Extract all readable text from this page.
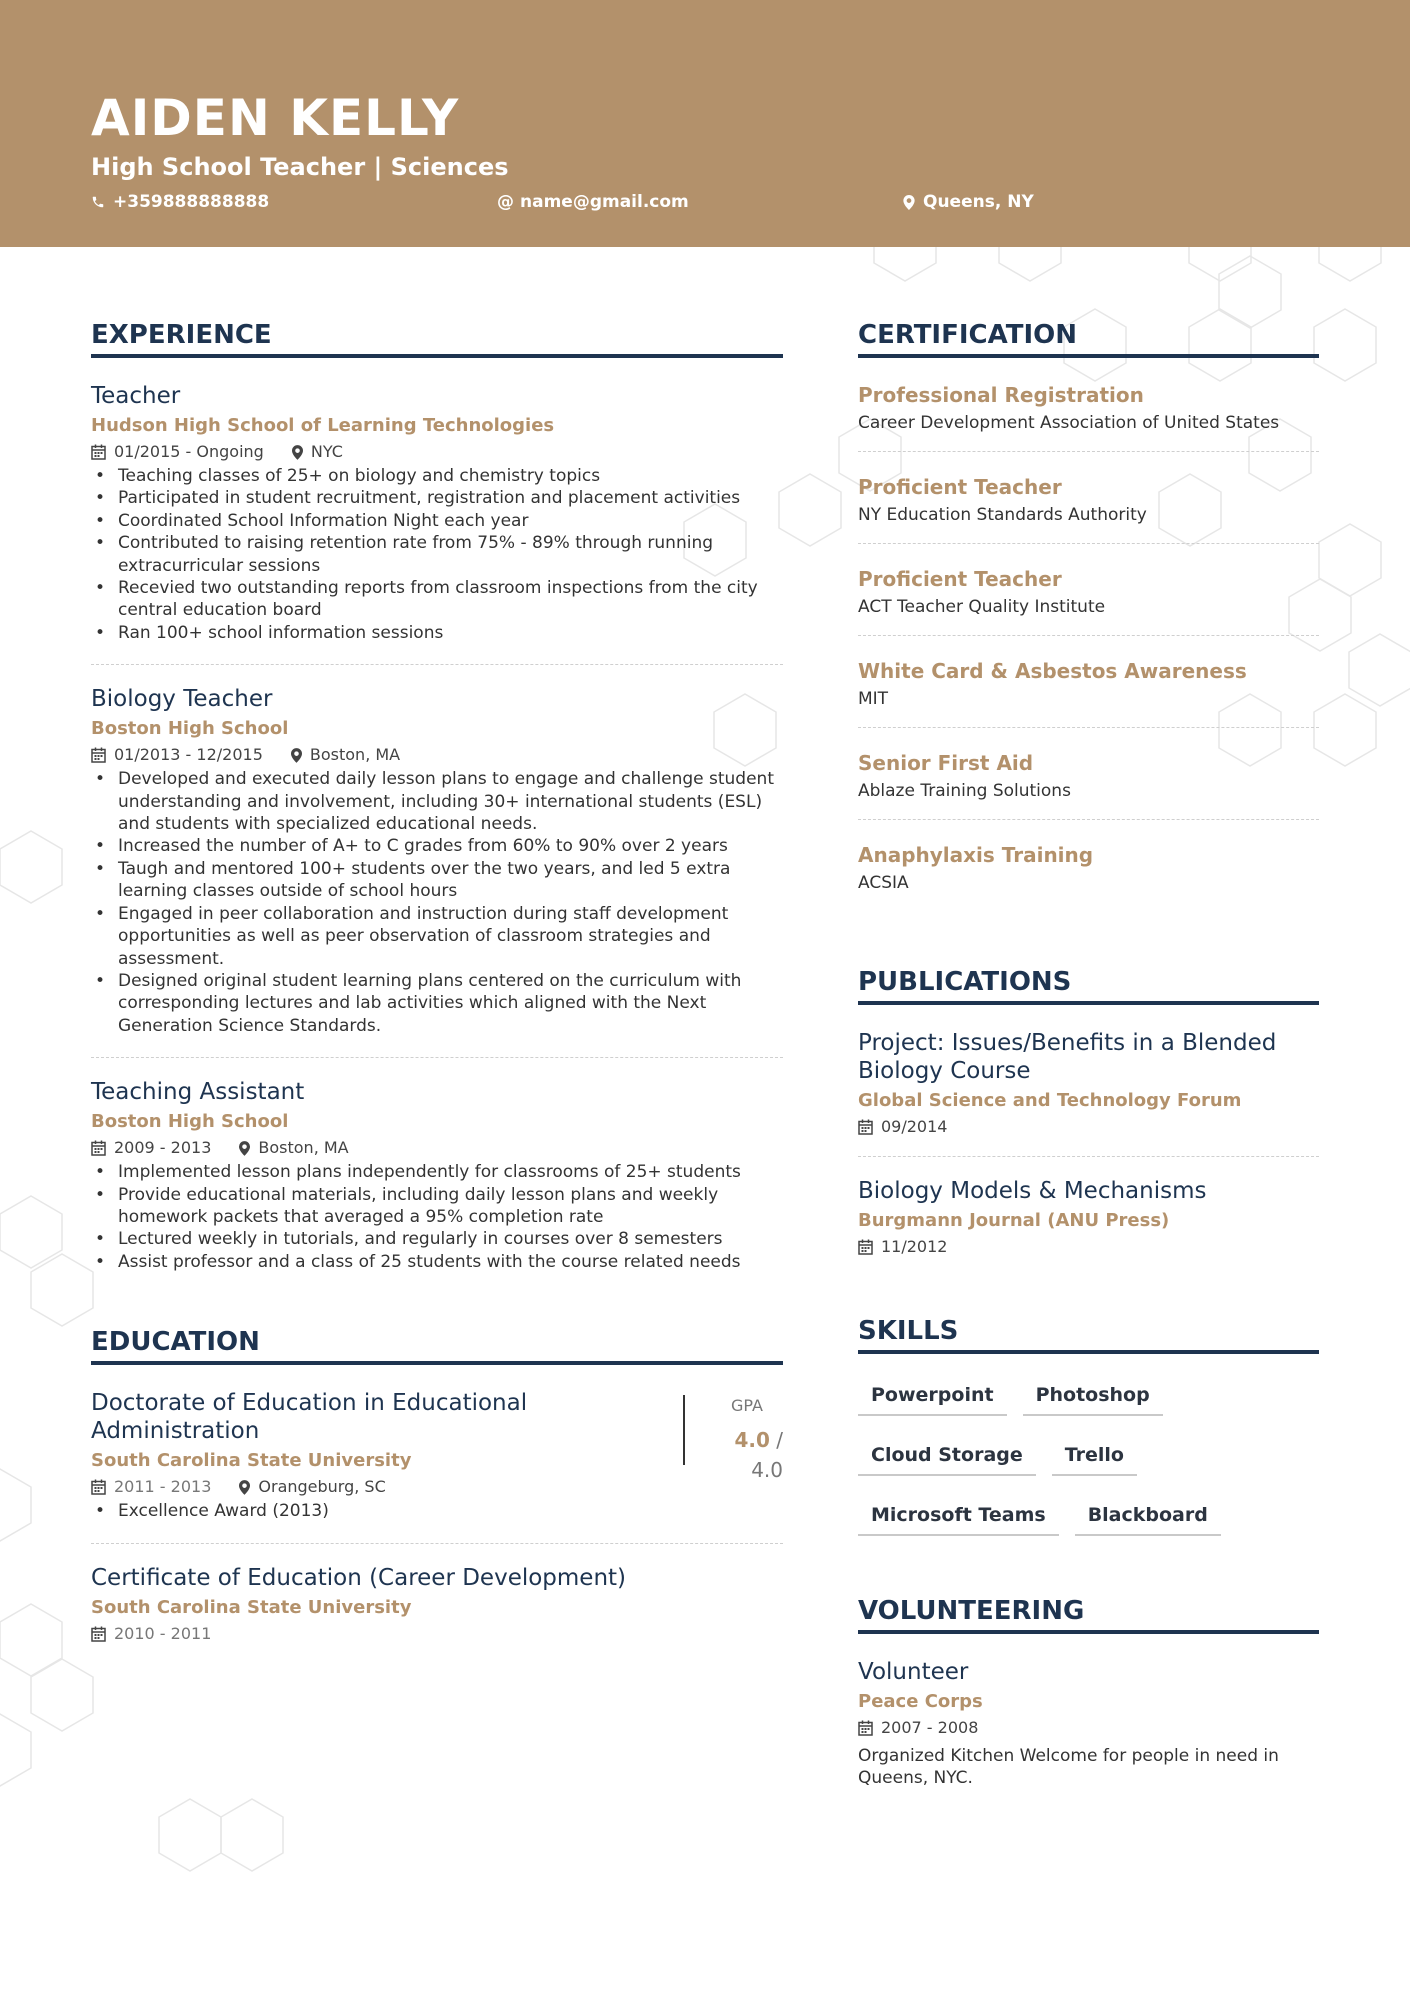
AIDEN KELLY
High School Teacher | Sciences
+359888888888	@ name@gmail.com	Queens, NY
EXPERIENCE
Teacher
Hudson High School of Learning Technologies
01/2015 - Ongoing	NYC
• Teaching classes of 25+ on biology and chemistry topics
• Participated in student recruitment, registration and placement activities
• Coordinated School Information Night each year
• Contributed to raising retention rate from 75% - 89% through running extracurricular sessions
• Recevied two outstanding reports from classroom inspections from the city central education board
• Ran 100+ school information sessions
Biology Teacher
Boston High School
01/2013 - 12/2015	Boston, MA
• Developed and executed daily lesson plans to engage and challenge student understanding and involvement, including 30+ international students (ESL) and students with specialized educational needs.
• Increased the number of A+ to C grades from 60% to 90% over 2 years
• Taugh and mentored 100+ students over the two years, and led 5 extra learning classes outside of school hours
• Engaged in peer collaboration and instruction during staff development opportunities as well as peer observation of classroom strategies and assessment.
• Designed original student learning plans centered on the curriculum with corresponding lectures and lab activities which aligned with the Next Generation Science Standards.
Teaching Assistant
Boston High School
2009 - 2013	Boston, MA
• Implemented lesson plans independently for classrooms of 25+ students
• Provide educational materials, including daily lesson plans and weekly homework packets that averaged a 95% completion rate
• Lectured weekly in tutorials, and regularly in courses over 8 semesters
• Assist professor and a class of 25 students with the course related needs
EDUCATION
Doctorate of Education in Educational Administration
South Carolina State University
2011 - 2013	Orangeburg, SC
• Excellence Award (2013)
GPA
4.0 / 4.0
Certificate of Education (Career Development)
South Carolina State University
2010 - 2011
CERTIFICATION
Professional Registration
Career Development Association of United States
Proficient Teacher
NY Education Standards Authority
Proficient Teacher
ACT Teacher Quality Institute
White Card & Asbestos Awareness
MIT
Senior First Aid
Ablaze Training Solutions
Anaphylaxis Training
ACSIA
PUBLICATIONS
Project: Issues/Benefits in a Blended Biology Course
Global Science and Technology Forum
09/2014
Biology Models & Mechanisms
Burgmann Journal (ANU Press)
11/2012
SKILLS
Powerpoint	Photoshop
Cloud Storage	Trello
Microsoft Teams	Blackboard
VOLUNTEERING
Volunteer
Peace Corps
2007 - 2008
Organized Kitchen Welcome for people in need in Queens, NYC.
